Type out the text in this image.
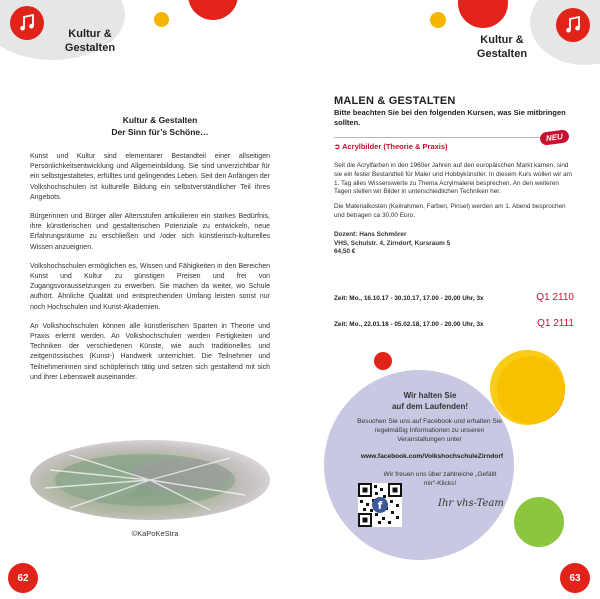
Kultur &
Gestalten
Kultur &
Gestalten
Kultur & Gestalten
Der Sinn für’s Schöne…

Kunst und Kultur sind elementarer Bestandteil einer allseitigen Persönlichkeitsentwicklung und Allgemeinbildung. Sie sind unverzichtbar für ein selbstgestaltetes, erfülltes und gelingendes Leben. Seit den Anfängen der Volkshochschulen ist kulturelle Bildung ein selbstverständlicher Teil ihres Angebots.

Bürgerinnen und Bürger aller Altersstufen artikulieren ein starkes Bedürfnis, ihre künstlerischen und gestalterischen Potenziale zu entwickeln, neue Erfahrungsräume zu erschließen und /oder sich künstlerisch-kulturelles Wissen anzueignen.

Volkshochschulen ermöglichen es, Wissen und Fähigkeiten in den Bereichen Kunst und Kultur zu günstigen Preisen und frei von Zugangsvoraussetzungen zu erwerben. Sie machen da weiter, wo Schule aufhört. Ähnliche Qualität und entsprechenden Umfang leisten sonst nur noch Hochschulen und Kunst-Akademien.

An Volkshochschulen können alle künstlerischen Sparten in Theorie und Praxis erlernt werden. An Volkshochschulen werden Fertigkeiten und Techniken der verschiedenen Künste, wie auch traditionelles und zeitgenössisches (Kunst-) Handwerk unterrichtet. Die Teilnehmer und Teilnehmerinnen sind schöpferisch tätig und setzen sich gestaltend mit sich und ihrer Lebenswelt auseinander.

©KaPoKeStra
62
MALEN & GESTALTEN
Bitte beachten Sie bei den folgenden Kursen, was Sie mitbringen sollten.
NEU
➲ Acrylbilder (Theorie & Praxis)

Seit die Acrylfarben in den 1960er Jahren auf den europäischen Markt kamen, sind sie ein fester Bestandteil für Maler und Hobbykünstler. In diesem Kurs wollen wir am 1. Tag alles Wissenswerte zu Thema Acrylmalerei besprechen. An den weiteren Tagen stellen wir Bilder in unterschiedlichen Techniken her.

Die Materialkosten (Keilrahmen, Farben, Pinsel) werden am 1. Abend besprochen und betragen ca 30,00 Euro.

Dozent: Hans Schmörer
VHS, Schulstr. 4, Zirndorf, Kursraum 5
64,50 €
Zeit: Mo., 16.10.17 - 30.10.17, 17.00 - 20.00 Uhr, 3x	Q1 2110
Zeit: Mo., 22.01.18 - 05.02.18, 17.00 - 20.00 Uhr, 3x	Q1 2111
Wir halten Sie
auf dem Laufenden!
Besuchen Sie uns auf Facebook und erhalten Sie regelmäßig Informationen zu unseren Veranstaltungen unter
www.facebook.com/VolkshochschuleZirndorf
Wir freuen uns über zahlreiche „Gefällt mir“-Klicks!
f	Ihr vhs-Team
63
